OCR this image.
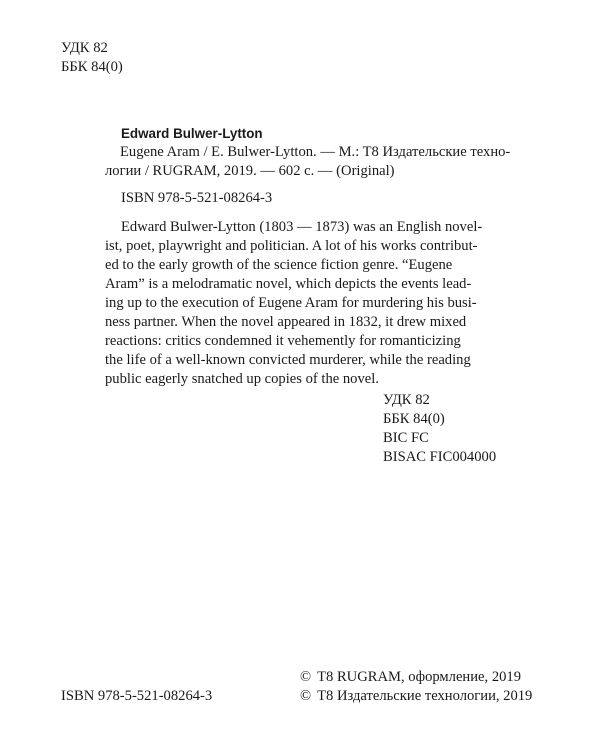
УДК 82
ББК 84(0)
Edward Bulwer-Lytton
Eugene Aram / E. Bulwer-Lytton. — M.: T8 Издательские техно-
логии / RUGRAM, 2019. — 602 с. — (Original)
ISBN 978-5-521-08264-3
Edward Bulwer-Lytton (1803 — 1873) was an English novel-
ist, poet, playwright and politician. A lot of his works contribut-
ed to the early growth of the science fiction genre. “Eugene
Aram” is a melodramatic novel, which depicts the events lead-
ing up to the execution of Eugene Aram for murdering his busi-
ness partner. When the novel appeared in 1832, it drew mixed
reactions: critics condemned it vehemently for romanticizing
the life of a well-known convicted murderer, while the reading
public eagerly snatched up copies of the novel.
УДК 82
ББК 84(0)
BIC FC
BISAC FIC004000
ISBN 978-5-521-08264-3
© T8 RUGRAM, оформление, 2019
© T8 Издательские технологии, 2019
